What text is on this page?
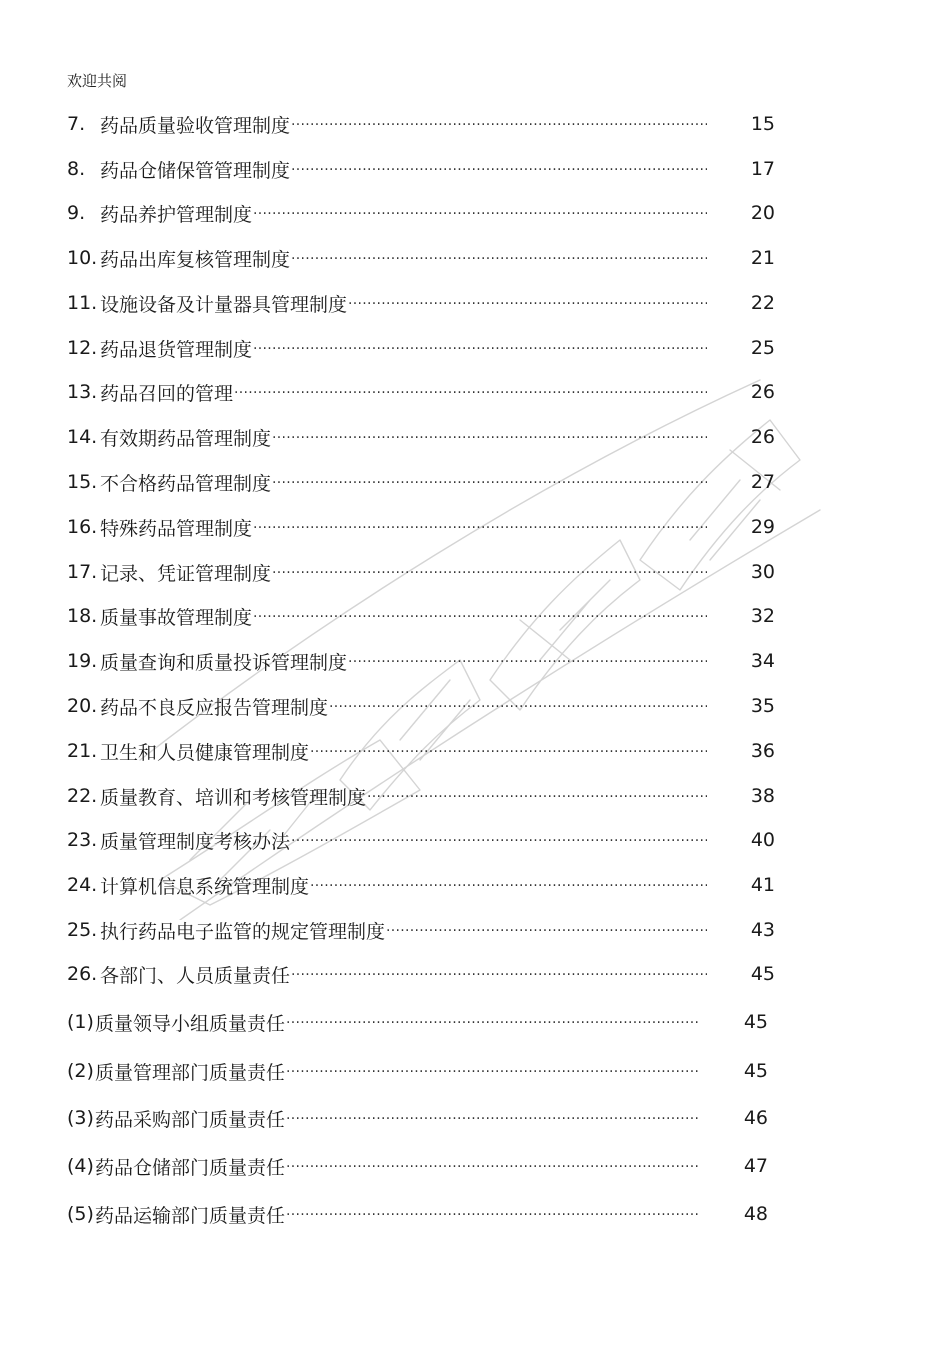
欢迎共阅
7. 药品质量验收管理制度 ·····	15
8. 药品仓储保管管理制度 ·····	17
9. 药品养护管理制度 ·····	20
10. 药品出库复核管理制度 ·····	21
11. 设施设备及计量器具管理制度 ·····	22
12. 药品退货管理制度 ·····	25
13. 药品召回的管理 ·····	26
14. 有效期药品管理制度 ·····	26
15. 不合格药品管理制度 ·····	27
16. 特殊药品管理制度 ·····	29
17. 记录、凭证管理制度 ·····	30
18. 质量事故管理制度 ·····	32
19. 质量查询和质量投诉管理制度 ·····	34
20. 药品不良反应报告管理制度 ·····	35
21. 卫生和人员健康管理制度 ·····	36
22. 质量教育、培训和考核管理制度 ·····	38
23. 质量管理制度考核办法 ·····	40
24. 计算机信息系统管理制度 ·····	41
25. 执行药品电子监管的规定管理制度 ·····	43
26. 各部门、人员质量责任 ·····	45
(1) 质量领导小组质量责任 ·····	45
(2) 质量管理部门质量责任 ·····	45
(3) 药品采购部门质量责任 ·····	46
(4) 药品仓储部门质量责任 ·····	47
(5) 药品运输部门质量责任 ·····	48
